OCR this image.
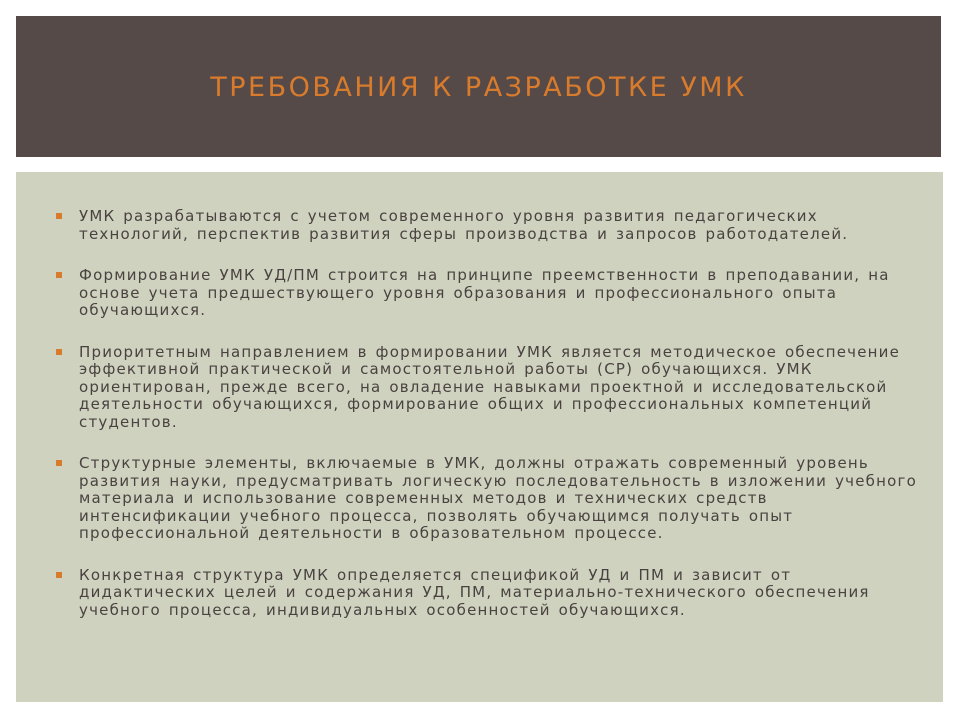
ТРЕБОВАНИЯ К РАЗРАБОТКЕ УМК
УМК разрабатываются с учетом современного уровня развития педагогических технологий, перспектив развития сферы производства и запросов работодателей.
Формирование УМК УД/ПМ строится на принципе преемственности в преподавании, на основе учета предшествующего уровня образования и профессионального опыта обучающихся.
Приоритетным направлением в формировании УМК является методическое обеспечение эффективной практической и самостоятельной работы (СР) обучающихся. УМК ориентирован, прежде всего, на овладение навыками проектной и исследовательской деятельности обучающихся, формирование общих и профессиональных компетенций студентов.
Структурные элементы, включаемые в УМК, должны отражать современный уровень развития науки, предусматривать логическую последовательность в изложении учебного материала и использование современных методов и технических средств интенсификации учебного процесса, позволять обучающимся получать опыт профессиональной деятельности в образовательном процессе.
Конкретная структура УМК определяется спецификой УД и ПМ и зависит от дидактических целей и содержания УД, ПМ, материально-технического обеспечения учебного процесса, индивидуальных особенностей обучающихся.
